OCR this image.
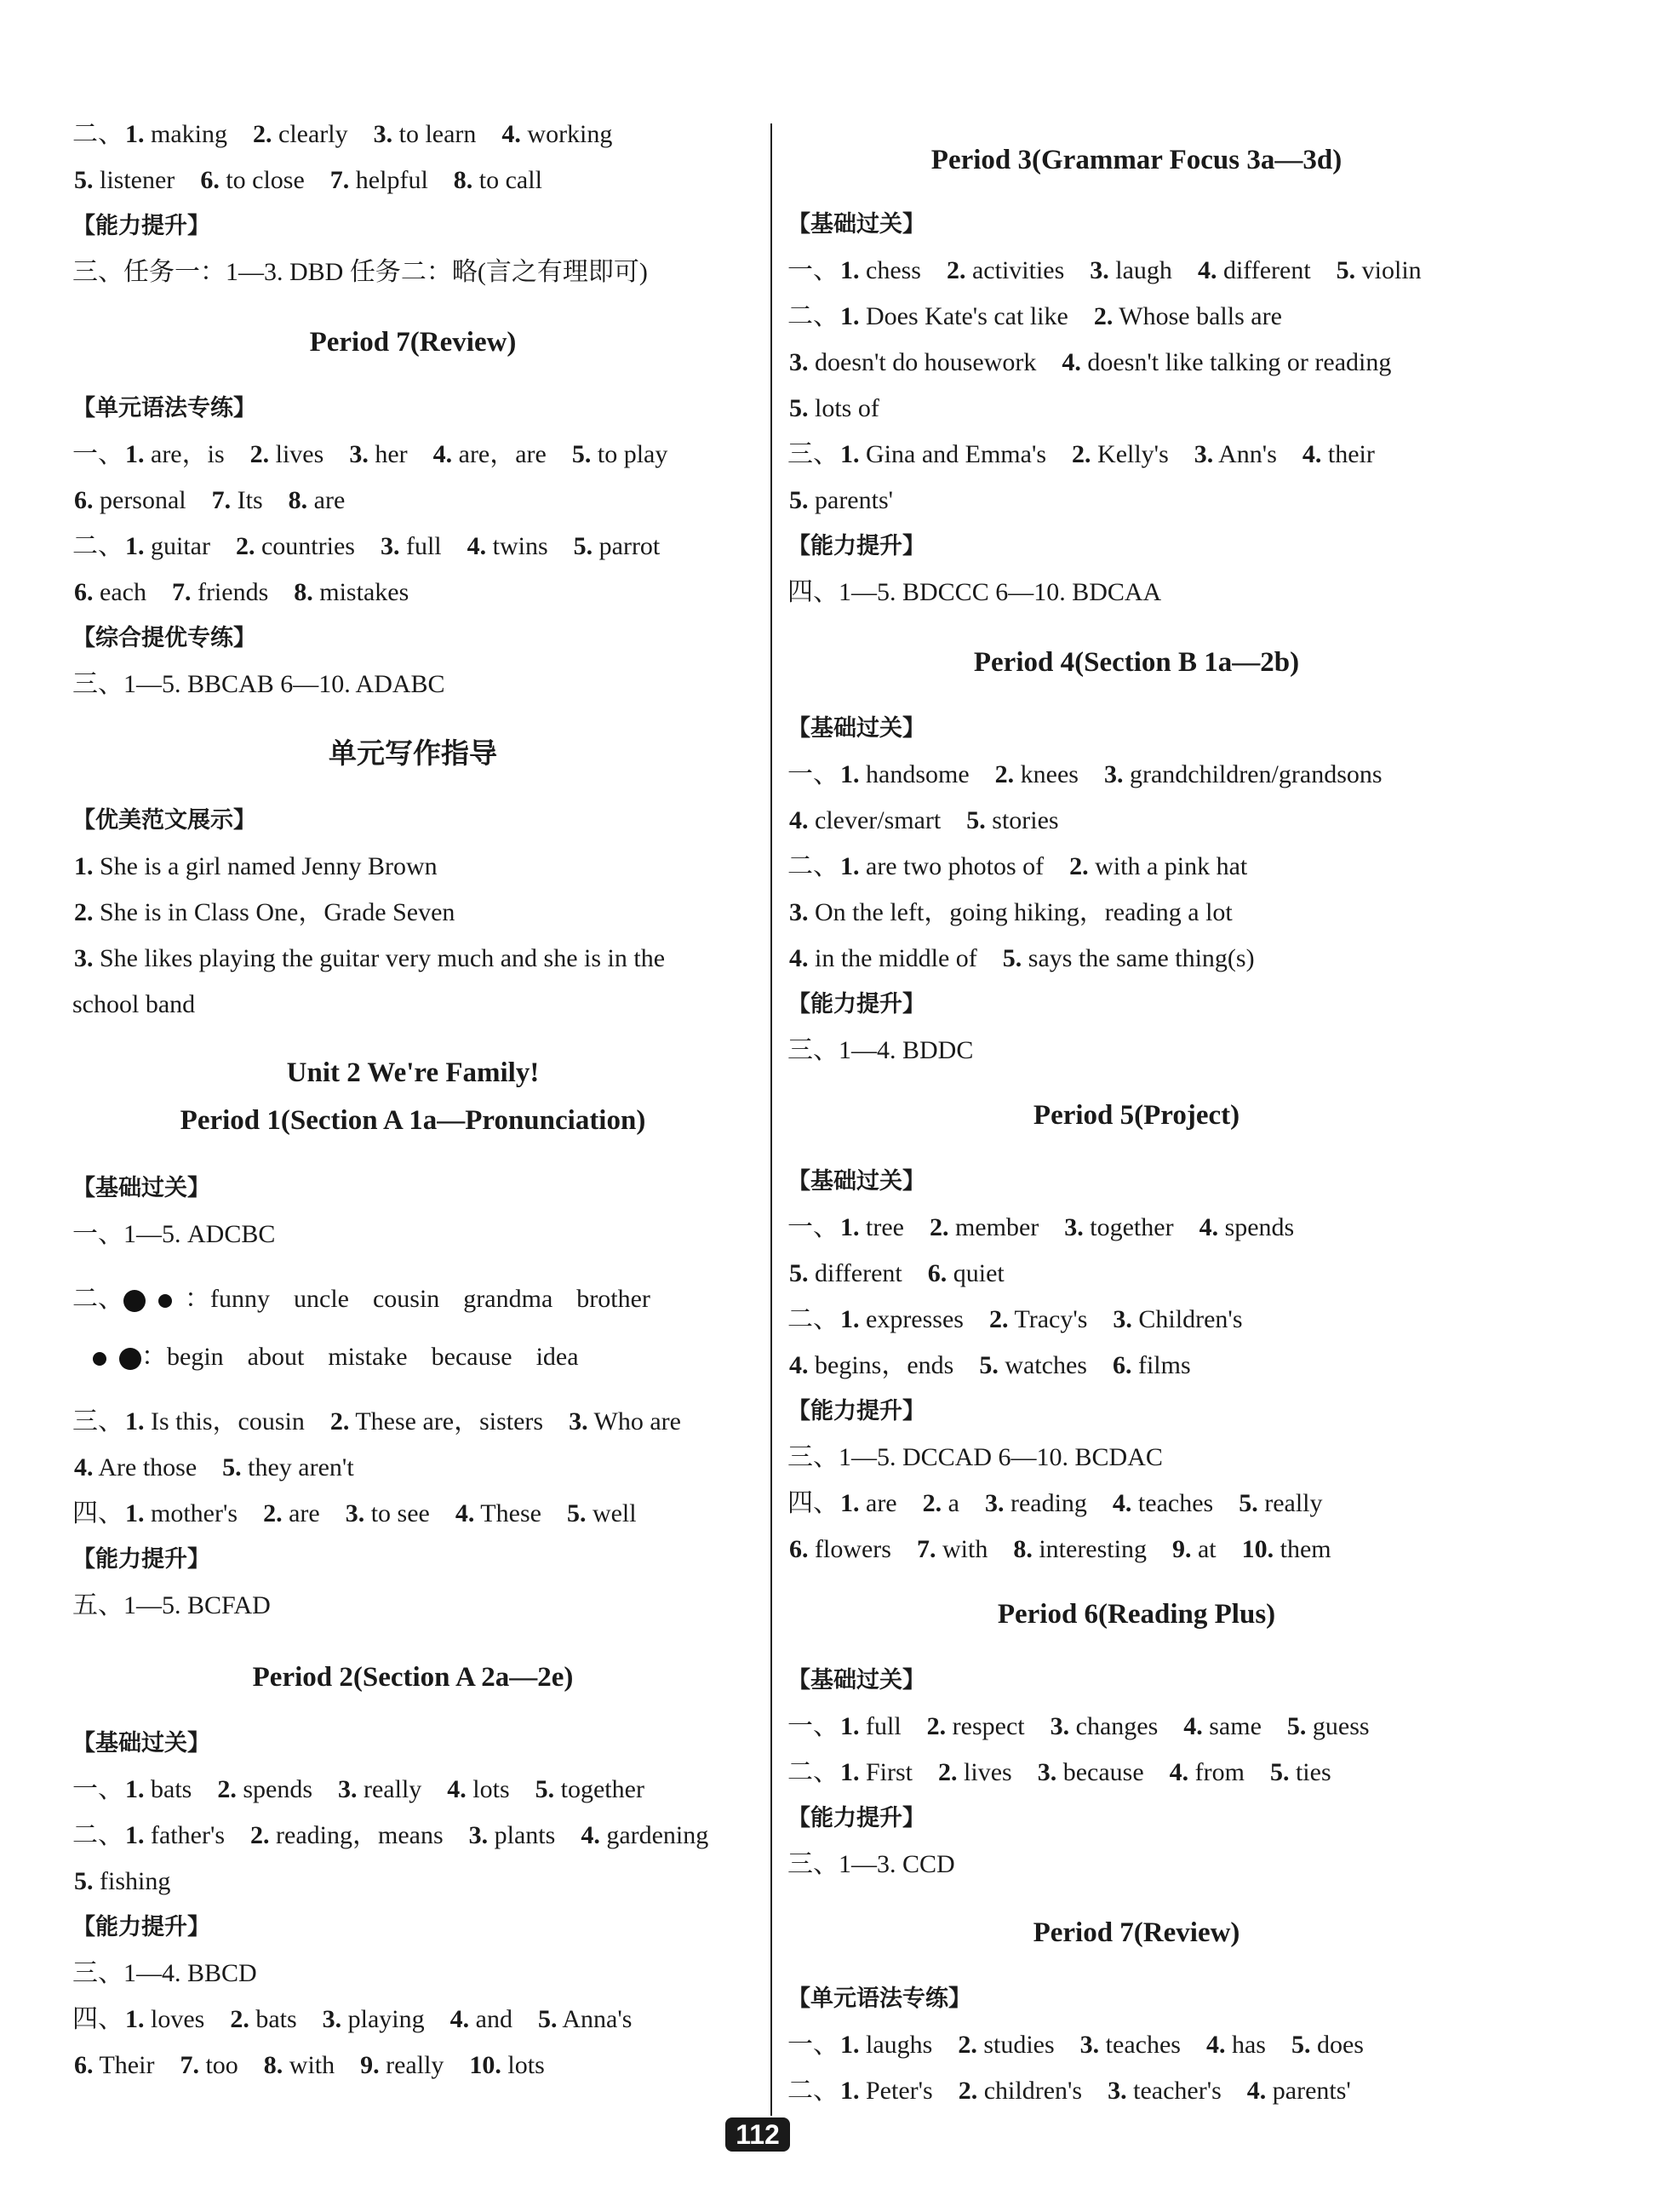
二、1. making 2. clearly 3. to learn 4. working
5. listener 6. to close 7. helpful 8. to call
【能力提升】
三、任务一：1—3. DBD 任务二：略(言之有理即可)
Period 7(Review)
【单元语法专练】
一、1. are，is 2. lives 3. her 4. are，are 5. to play
6. personal 7. Its 8. are
二、1. guitar 2. countries 3. full 4. twins 5. parrot
6. each 7. friends 8. mistakes
【综合提优专练】
三、1—5. BBCAB 6—10. ADABC
单元写作指导
【优美范文展示】
1. She is a girl named Jenny Brown
2. She is in Class One，Grade Seven
3. She likes playing the guitar very much and she is in the
school band
Unit 2 We're Family!
Period 1(Section A 1a—Pronunciation)
【基础过关】
一、1—5. ADCBC
二、 ：funny uncle cousin grandma brother
：begin about mistake because idea
三、1. Is this，cousin 2. These are，sisters 3. Who are
4. Are those 5. they aren't
四、1. mother's 2. are 3. to see 4. These 5. well
【能力提升】
五、1—5. BCFAD
Period 2(Section A 2a—2e)
【基础过关】
一、1. bats 2. spends 3. really 4. lots 5. together
二、1. father's 2. reading，means 3. plants 4. gardening
5. fishing
【能力提升】
三、1—4. BBCD
四、1. loves 2. bats 3. playing 4. and 5. Anna's
6. Their 7. too 8. with 9. really 10. lots
Period 3(Grammar Focus 3a—3d)
【基础过关】
一、1. chess 2. activities 3. laugh 4. different 5. violin
二、1. Does Kate's cat like 2. Whose balls are
3. doesn't do housework 4. doesn't like talking or reading
5. lots of
三、1. Gina and Emma's 2. Kelly's 3. Ann's 4. their
5. parents'
【能力提升】
四、1—5. BDCCC 6—10. BDCAA
Period 4(Section B 1a—2b)
【基础过关】
一、1. handsome 2. knees 3. grandchildren/grandsons
4. clever/smart 5. stories
二、1. are two photos of 2. with a pink hat
3. On the left，going hiking，reading a lot
4. in the middle of 5. says the same thing(s)
【能力提升】
三、1—4. BDDC
Period 5(Project)
【基础过关】
一、1. tree 2. member 3. together 4. spends
5. different 6. quiet
二、1. expresses 2. Tracy's 3. Children's
4. begins，ends 5. watches 6. films
【能力提升】
三、1—5. DCCAD 6—10. BCDAC
四、1. are 2. a 3. reading 4. teaches 5. really
6. flowers 7. with 8. interesting 9. at 10. them
Period 6(Reading Plus)
【基础过关】
一、1. full 2. respect 3. changes 4. same 5. guess
二、1. First 2. lives 3. because 4. from 5. ties
【能力提升】
三、1—3. CCD
Period 7(Review)
【单元语法专练】
一、1. laughs 2. studies 3. teaches 4. has 5. does
二、1. Peter's 2. children's 3. teacher's 4. parents'
112
